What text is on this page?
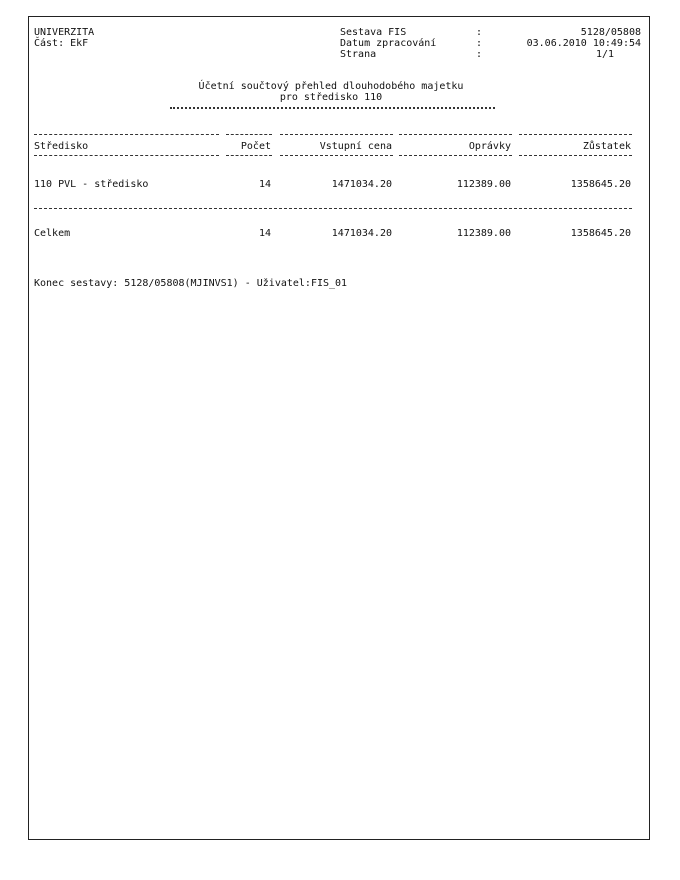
UNIVERZITA
Část: EkF
Sestava FIS	:	5128/05808
Datum zpracování	:	03.06.2010 10:49:54
Strana	:	1/1
Účetní součtový přehled dlouhodobého majetku
pro středisko 110
Středisko	Počet	Vstupní cena	Oprávky	Zůstatek
110 PVL - středisko	14	1471034.20	112389.00	1358645.20
Celkem	14	1471034.20	112389.00	1358645.20
Konec sestavy: 5128/05808(MJINVS1) - Uživatel:FIS_01
